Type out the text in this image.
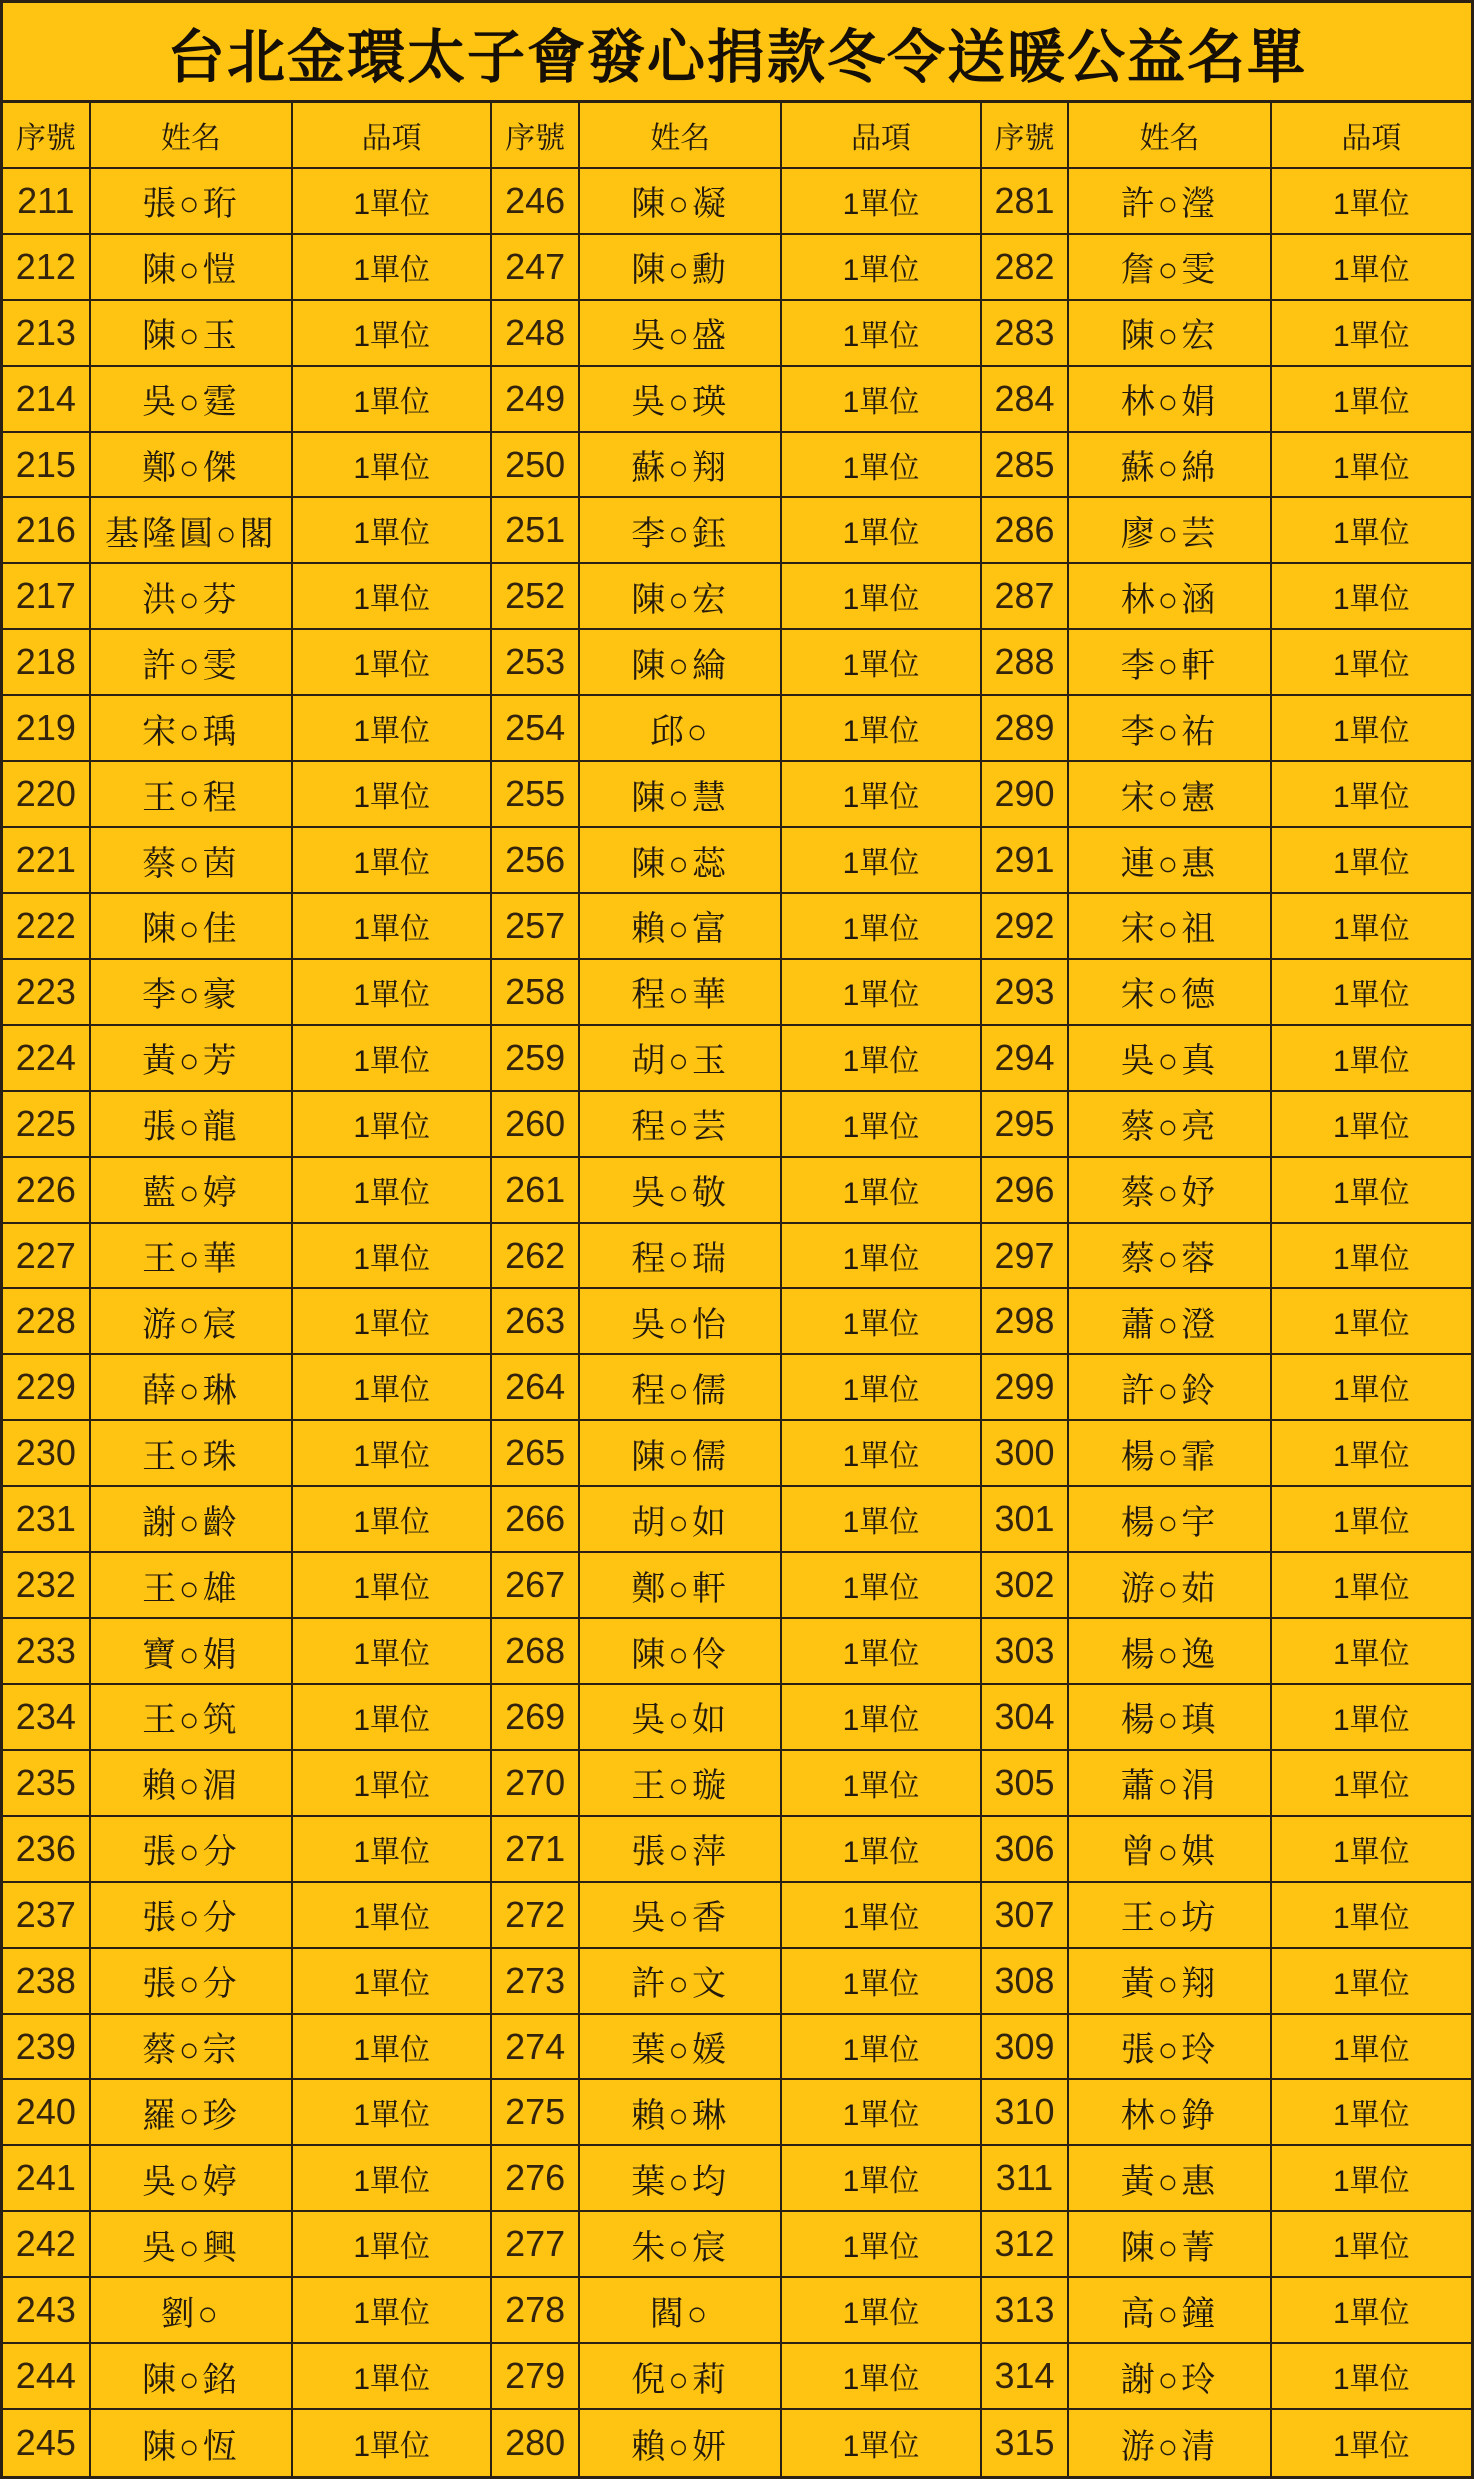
台北金環太子會發心捐款冬令送暖公益名單
序號	姓名	品項	序號	姓名	品項	序號	姓名	品項
211	張○珩	1單位	246	陳○凝	1單位	281	許○瀅	1單位
212	陳○愷	1單位	247	陳○勳	1單位	282	詹○雯	1單位
213	陳○玉	1單位	248	吳○盛	1單位	283	陳○宏	1單位
214	吳○霆	1單位	249	吳○瑛	1單位	284	林○娟	1單位
215	鄭○傑	1單位	250	蘇○翔	1單位	285	蘇○綿	1單位
216 基隆圓○閣	1單位	251	李○鈺	1單位	286	廖○芸	1單位
217	洪○芬	1單位	252	陳○宏	1單位	287	林○涵	1單位
218	許○雯	1單位	253	陳○綸	1單位	288	李○軒	1單位
219	宋○瑀	1單位	254	邱○	1單位	289	李○祐	1單位
220	王○程	1單位	255	陳○慧	1單位	290	宋○憲	1單位
221	蔡○茵	1單位	256	陳○蕊	1單位	291	連○惠	1單位
222	陳○佳	1單位	257	賴○富	1單位	292	宋○祖	1單位
223	李○豪	1單位	258	程○華	1單位	293	宋○德	1單位
224	黃○芳	1單位	259	胡○玉	1單位	294	吳○真	1單位
225	張○龍	1單位	260	程○芸	1單位	295	蔡○亮	1單位
226	藍○婷	1單位	261	吳○敬	1單位	296	蔡○妤	1單位
227	王○華	1單位	262	程○瑞	1單位	297	蔡○蓉	1單位
228	游○宸	1單位	263	吳○怡	1單位	298	蕭○澄	1單位
229	薛○琳	1單位	264	程○儒	1單位	299	許○鈴	1單位
230	王○珠	1單位	265	陳○儒	1單位	300	楊○霏	1單位
231	謝○齡	1單位	266	胡○如	1單位	301	楊○宇	1單位
232	王○雄	1單位	267	鄭○軒	1單位	302	游○茹	1單位
233	寶○娟	1單位	268	陳○伶	1單位	303	楊○逸	1單位
234	王○筑	1單位	269	吳○如	1單位	304	楊○瑱	1單位
235	賴○湄	1單位	270	王○璇	1單位	305	蕭○涓	1單位
236	張○分	1單位	271	張○萍	1單位	306	曾○娸	1單位
237	張○分	1單位	272	吳○香	1單位	307	王○坊	1單位
238	張○分	1單位	273	許○文	1單位	308	黃○翔	1單位
239	蔡○宗	1單位	274	葉○媛	1單位	309	張○玲	1單位
240	羅○珍	1單位	275	賴○琳	1單位	310	林○錚	1單位
241	吳○婷	1單位	276	葉○均	1單位	311	黃○惠	1單位
242	吳○興	1單位	277	朱○宸	1單位	312	陳○菁	1單位
243	劉○	1單位	278	閻○	1單位	313	高○鐘	1單位
244	陳○銘	1單位	279	倪○莉	1單位	314	謝○玲	1單位
245	陳○恆	1單位	280	賴○妍	1單位	315	游○清	1單位
